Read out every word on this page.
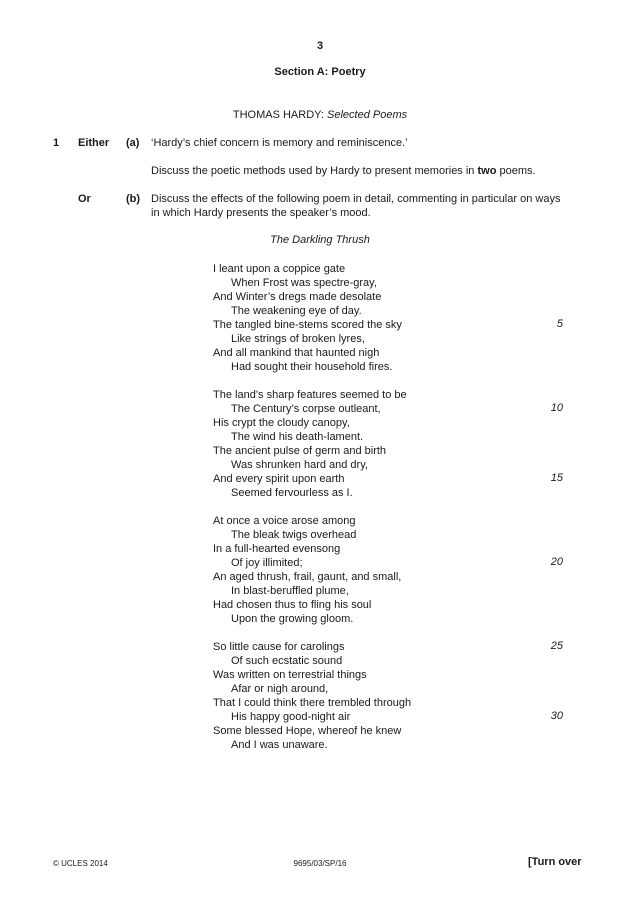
3
Section A: Poetry
THOMAS HARDY: Selected Poems
1 Either (a) ‘Hardy’s chief concern is memory and reminiscence.’
Discuss the poetic methods used by Hardy to present memories in two poems.
Or	(b) Discuss the effects of the following poem in detail, commenting in particular on ways
in which Hardy presents the speaker’s mood.
The Darkling Thrush
I leant upon a coppice gate
When Frost was spectre-gray,
And Winter’s dregs made desolate
The weakening eye of day.
The tangled bine-stems scored the sky
Like strings of broken lyres,
And all mankind that haunted nigh
Had sought their household fires.
The land’s sharp features seemed to be
The Century’s corpse outleant,
His crypt the cloudy canopy,
The wind his death-lament.
The ancient pulse of germ and birth
Was shrunken hard and dry,
And every spirit upon earth
Seemed fervourless as I.
At once a voice arose among
The bleak twigs overhead
In a full-hearted evensong
Of joy illimited;
An aged thrush, frail, gaunt, and small,
In blast-beruffled plume,
Had chosen thus to fling his soul
Upon the growing gloom.
So little cause for carolings
Of such ecstatic sound
Was written on terrestrial things
Afar or nigh around,
That I could think there trembled through
His happy good-night air
Some blessed Hope, whereof he knew
And I was unaware.
5
10
15
20
25
30
© UCLES 2014	9695/03/SP/16	[Turn over
